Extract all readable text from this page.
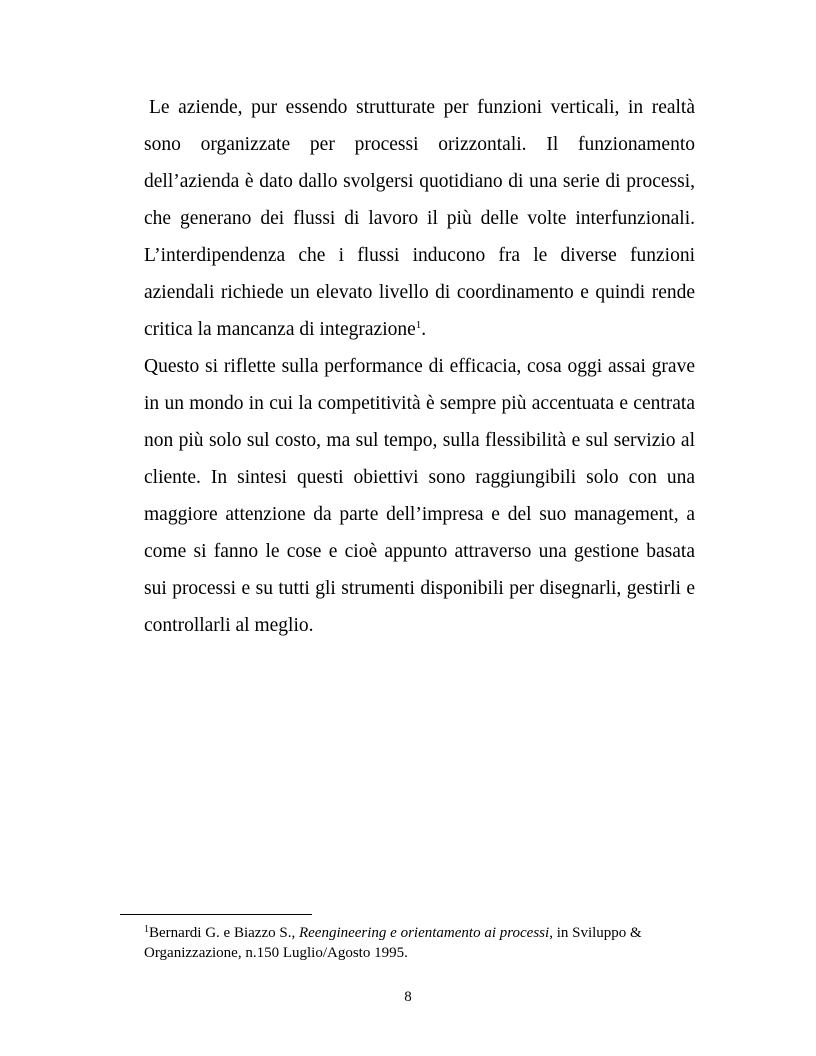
Le aziende, pur essendo strutturate per funzioni verticali, in realtà sono organizzate per processi orizzontali. Il funzionamento dell’azienda è dato dallo svolgersi quotidiano di una serie di processi, che generano dei flussi di lavoro il più delle volte interfunzionali. L’interdipendenza che i flussi inducono fra le diverse funzioni aziendali richiede un elevato livello di coordinamento e quindi rende critica la mancanza di integrazione$^1$.

Questo si riflette sulla performance di efficacia, cosa oggi assai grave in un mondo in cui la competitività è sempre più accentuata e centrata non più solo sul costo, ma sul tempo, sulla flessibilità e sul servizio al cliente. In sintesi questi obiettivi sono raggiungibili solo con una maggiore attenzione da parte dell’impresa e del suo management, a come si fanno le cose e cioè appunto attraverso una gestione basata sui processi e su tutti gli strumenti disponibili per disegnarli, gestirli e controllarli al meglio.

$^1$Bernardi G. e Biazzo S., Reengineering e orientamento ai processi, in Sviluppo & Organizzazione, n.150 Luglio/Agosto 1995.
8
